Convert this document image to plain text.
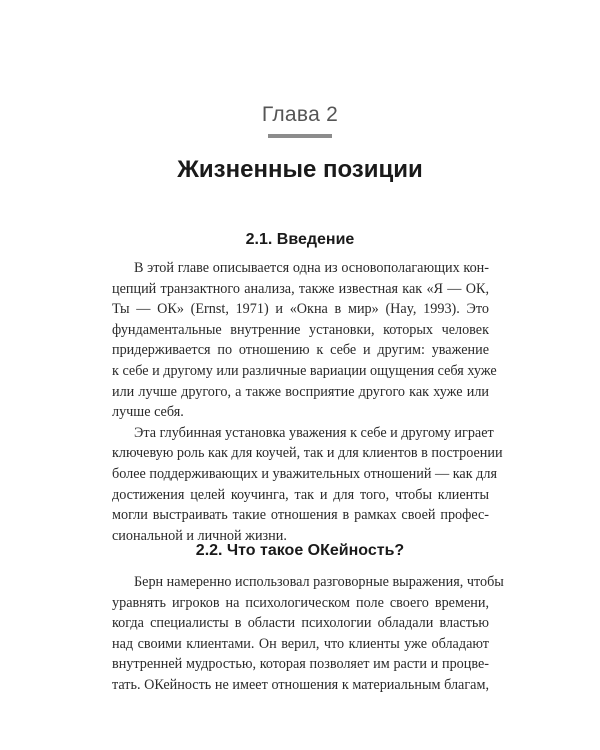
Глава 2
Жизненные позиции
2.1. Введение
В этой главе описывается одна из основополагающих кон-
цепций транзактного анализа, также известная как «Я — ОК,
Ты — ОК» (Ernst, 1971) и «Окна в мир» (Hay, 1993). Это
фундаментальные внутренние установки, которых человек
придерживается по отношению к себе и другим: уважение
к себе и другому или различные вариации ощущения себя хуже
или лучше другого, а также восприятие другого как хуже или
лучше себя.
Эта глубинная установка уважения к себе и другому играет
ключевую роль как для коучей, так и для клиентов в построении
более поддерживающих и уважительных отношений — как для
достижения целей коучинга, так и для того, чтобы клиенты
могли выстраивать такие отношения в рамках своей профес-
сиональной и личной жизни.
2.2. Что такое ОКейность?
Берн намеренно использовал разговорные выражения, чтобы
уравнять игроков на психологическом поле своего времени,
когда специалисты в области психологии обладали властью
над своими клиентами. Он верил, что клиенты уже обладают
внутренней мудростью, которая позволяет им расти и процве-
тать. ОКейность не имеет отношения к материальным благам,
